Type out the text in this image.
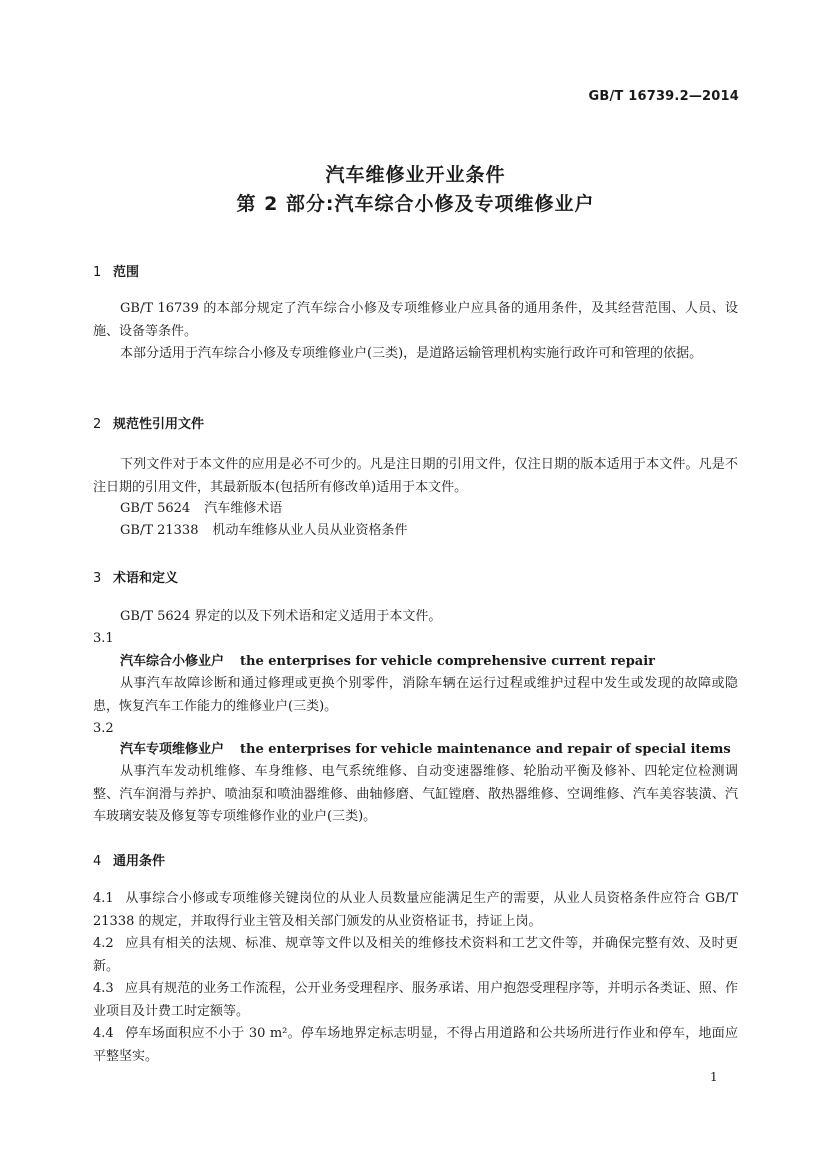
GB/T 16739.2—2014
汽车维修业开业条件
第 2 部分:汽车综合小修及专项维修业户
1 范围
GB/T 16739 的本部分规定了汽车综合小修及专项维修业户应具备的通用条件，及其经营范围、人员、设施、设备等条件。
本部分适用于汽车综合小修及专项维修业户(三类)，是道路运输管理机构实施行政许可和管理的依据。
2 规范性引用文件
下列文件对于本文件的应用是必不可少的。凡是注日期的引用文件，仅注日期的版本适用于本文件。凡是不注日期的引用文件，其最新版本(包括所有修改单)适用于本文件。
GB/T 5624 汽车维修术语
GB/T 21338 机动车维修从业人员从业资格条件
3 术语和定义
GB/T 5624 界定的以及下列术语和定义适用于本文件。
3.1
汽车综合小修业户 the enterprises for vehicle comprehensive current repair
从事汽车故障诊断和通过修理或更换个别零件，消除车辆在运行过程或维护过程中发生或发现的故障或隐患，恢复汽车工作能力的维修业户(三类)。
3.2
汽车专项维修业户 the enterprises for vehicle maintenance and repair of special items
从事汽车发动机维修、车身维修、电气系统维修、自动变速器维修、轮胎动平衡及修补、四轮定位检测调整、汽车润滑与养护、喷油泵和喷油器维修、曲轴修磨、气缸镗磨、散热器维修、空调维修、汽车美容装潢、汽车玻璃安装及修复等专项维修作业的业户(三类)。
4 通用条件
4.1 从事综合小修或专项维修关键岗位的从业人员数量应能满足生产的需要，从业人员资格条件应符合 GB/T 21338 的规定，并取得行业主管及相关部门颁发的从业资格证书，持证上岗。
4.2 应具有相关的法规、标准、规章等文件以及相关的维修技术资料和工艺文件等，并确保完整有效、及时更新。
4.3 应具有规范的业务工作流程，公开业务受理程序、服务承诺、用户抱怨受理程序等，并明示各类证、照、作业项目及计费工时定额等。
4.4 停车场面积应不小于 30 m²。停车场地界定标志明显，不得占用道路和公共场所进行作业和停车，地面应平整坚实。
1
